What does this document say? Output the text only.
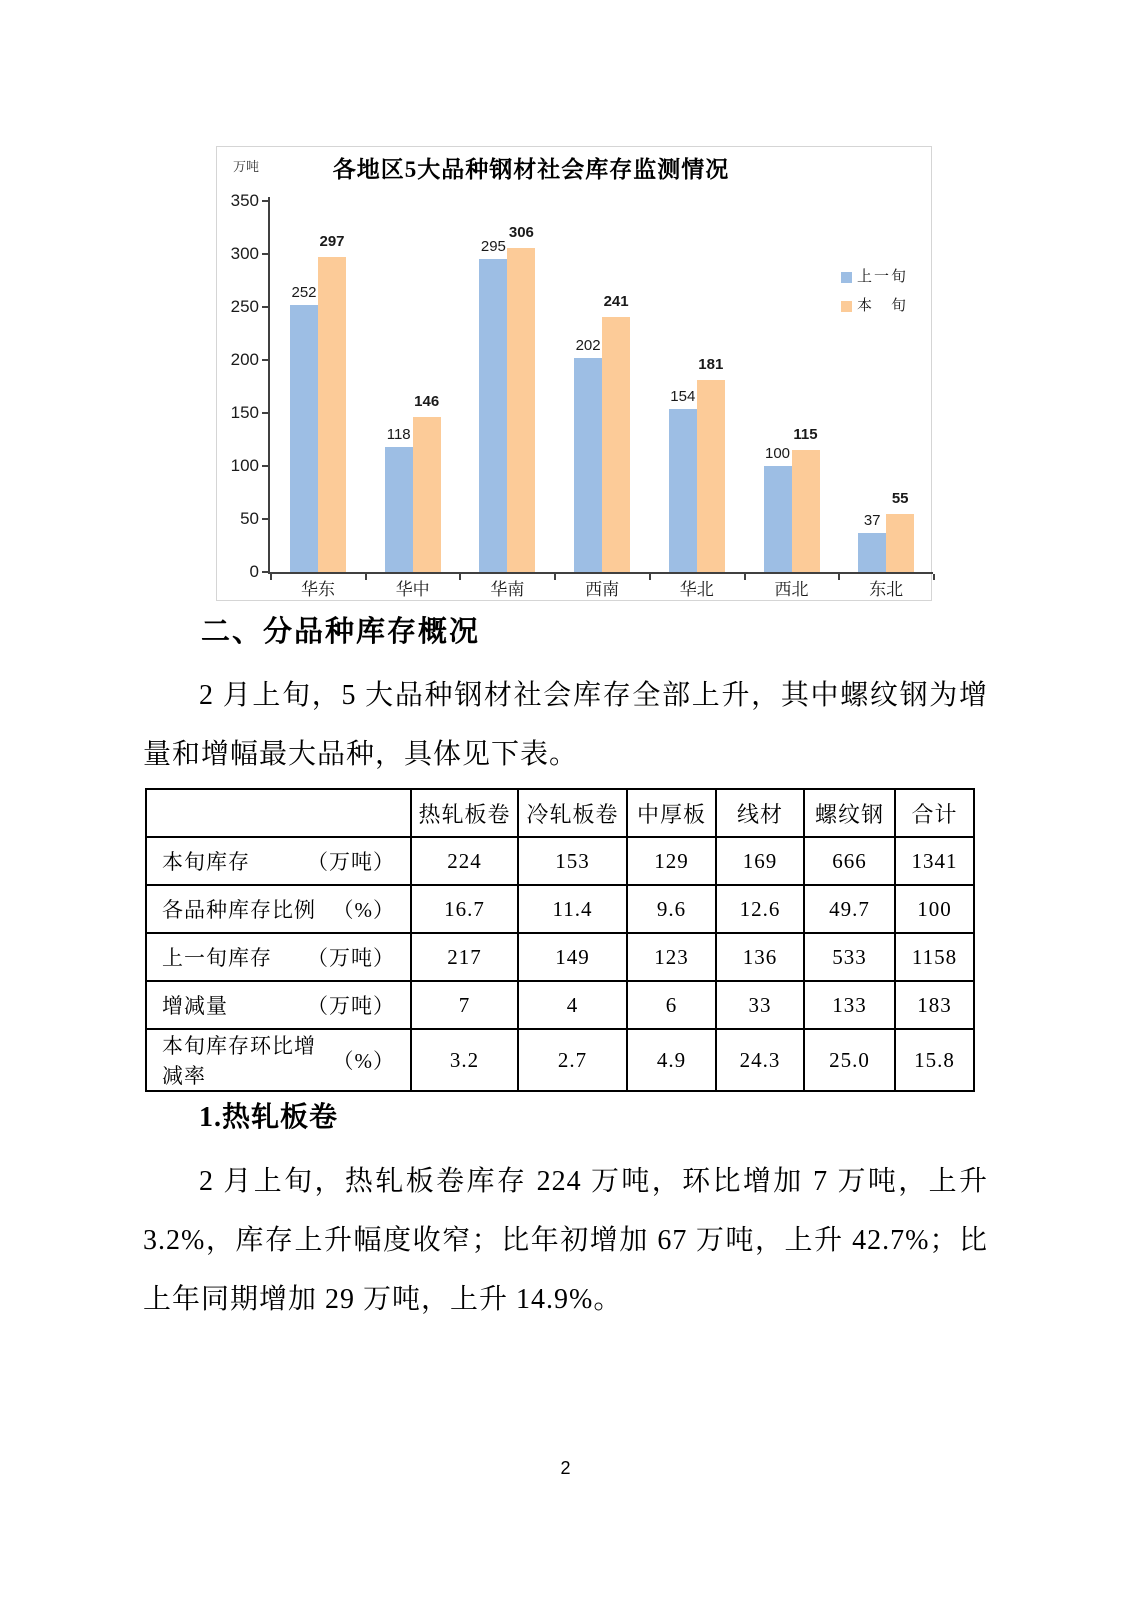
各地区5大品种钢材社会库存监测情况
万吨
0
50
100
150
200
250
300
350
252
297
华东
118
146
华中
295
306
华南
202
241
西南
154
181
华北
100
115
西北
37
55
东北
上一旬
本　旬
二、分品种库存概况
2 月上旬，5 大品种钢材社会库存全部上升，其中螺纹钢为增量和增幅最大品种，具体见下表。
	热轧板卷	冷轧板卷	中厚板	线材	螺纹钢	合计

本旬库存 （万吨）	224	153	129	169	666	1341

各品种库存比例 （%）	16.7	11.4	9.6	12.6	49.7	100

上一旬库存 （万吨）	217	149	123	136	533	1158

增减量 （万吨）	7	4	6	33	133	183

本旬库存环比增减率
（%）	3.2	2.7	4.9	24.3	25.0	15.8
1.热轧板卷
2 月上旬，热轧板卷库存 224 万吨，环比增加 7 万吨，上升 3.2%，库存上升幅度收窄；比年初增加 67 万吨，上升 42.7%；比上年同期增加 29 万吨，上升 14.9%。
2
